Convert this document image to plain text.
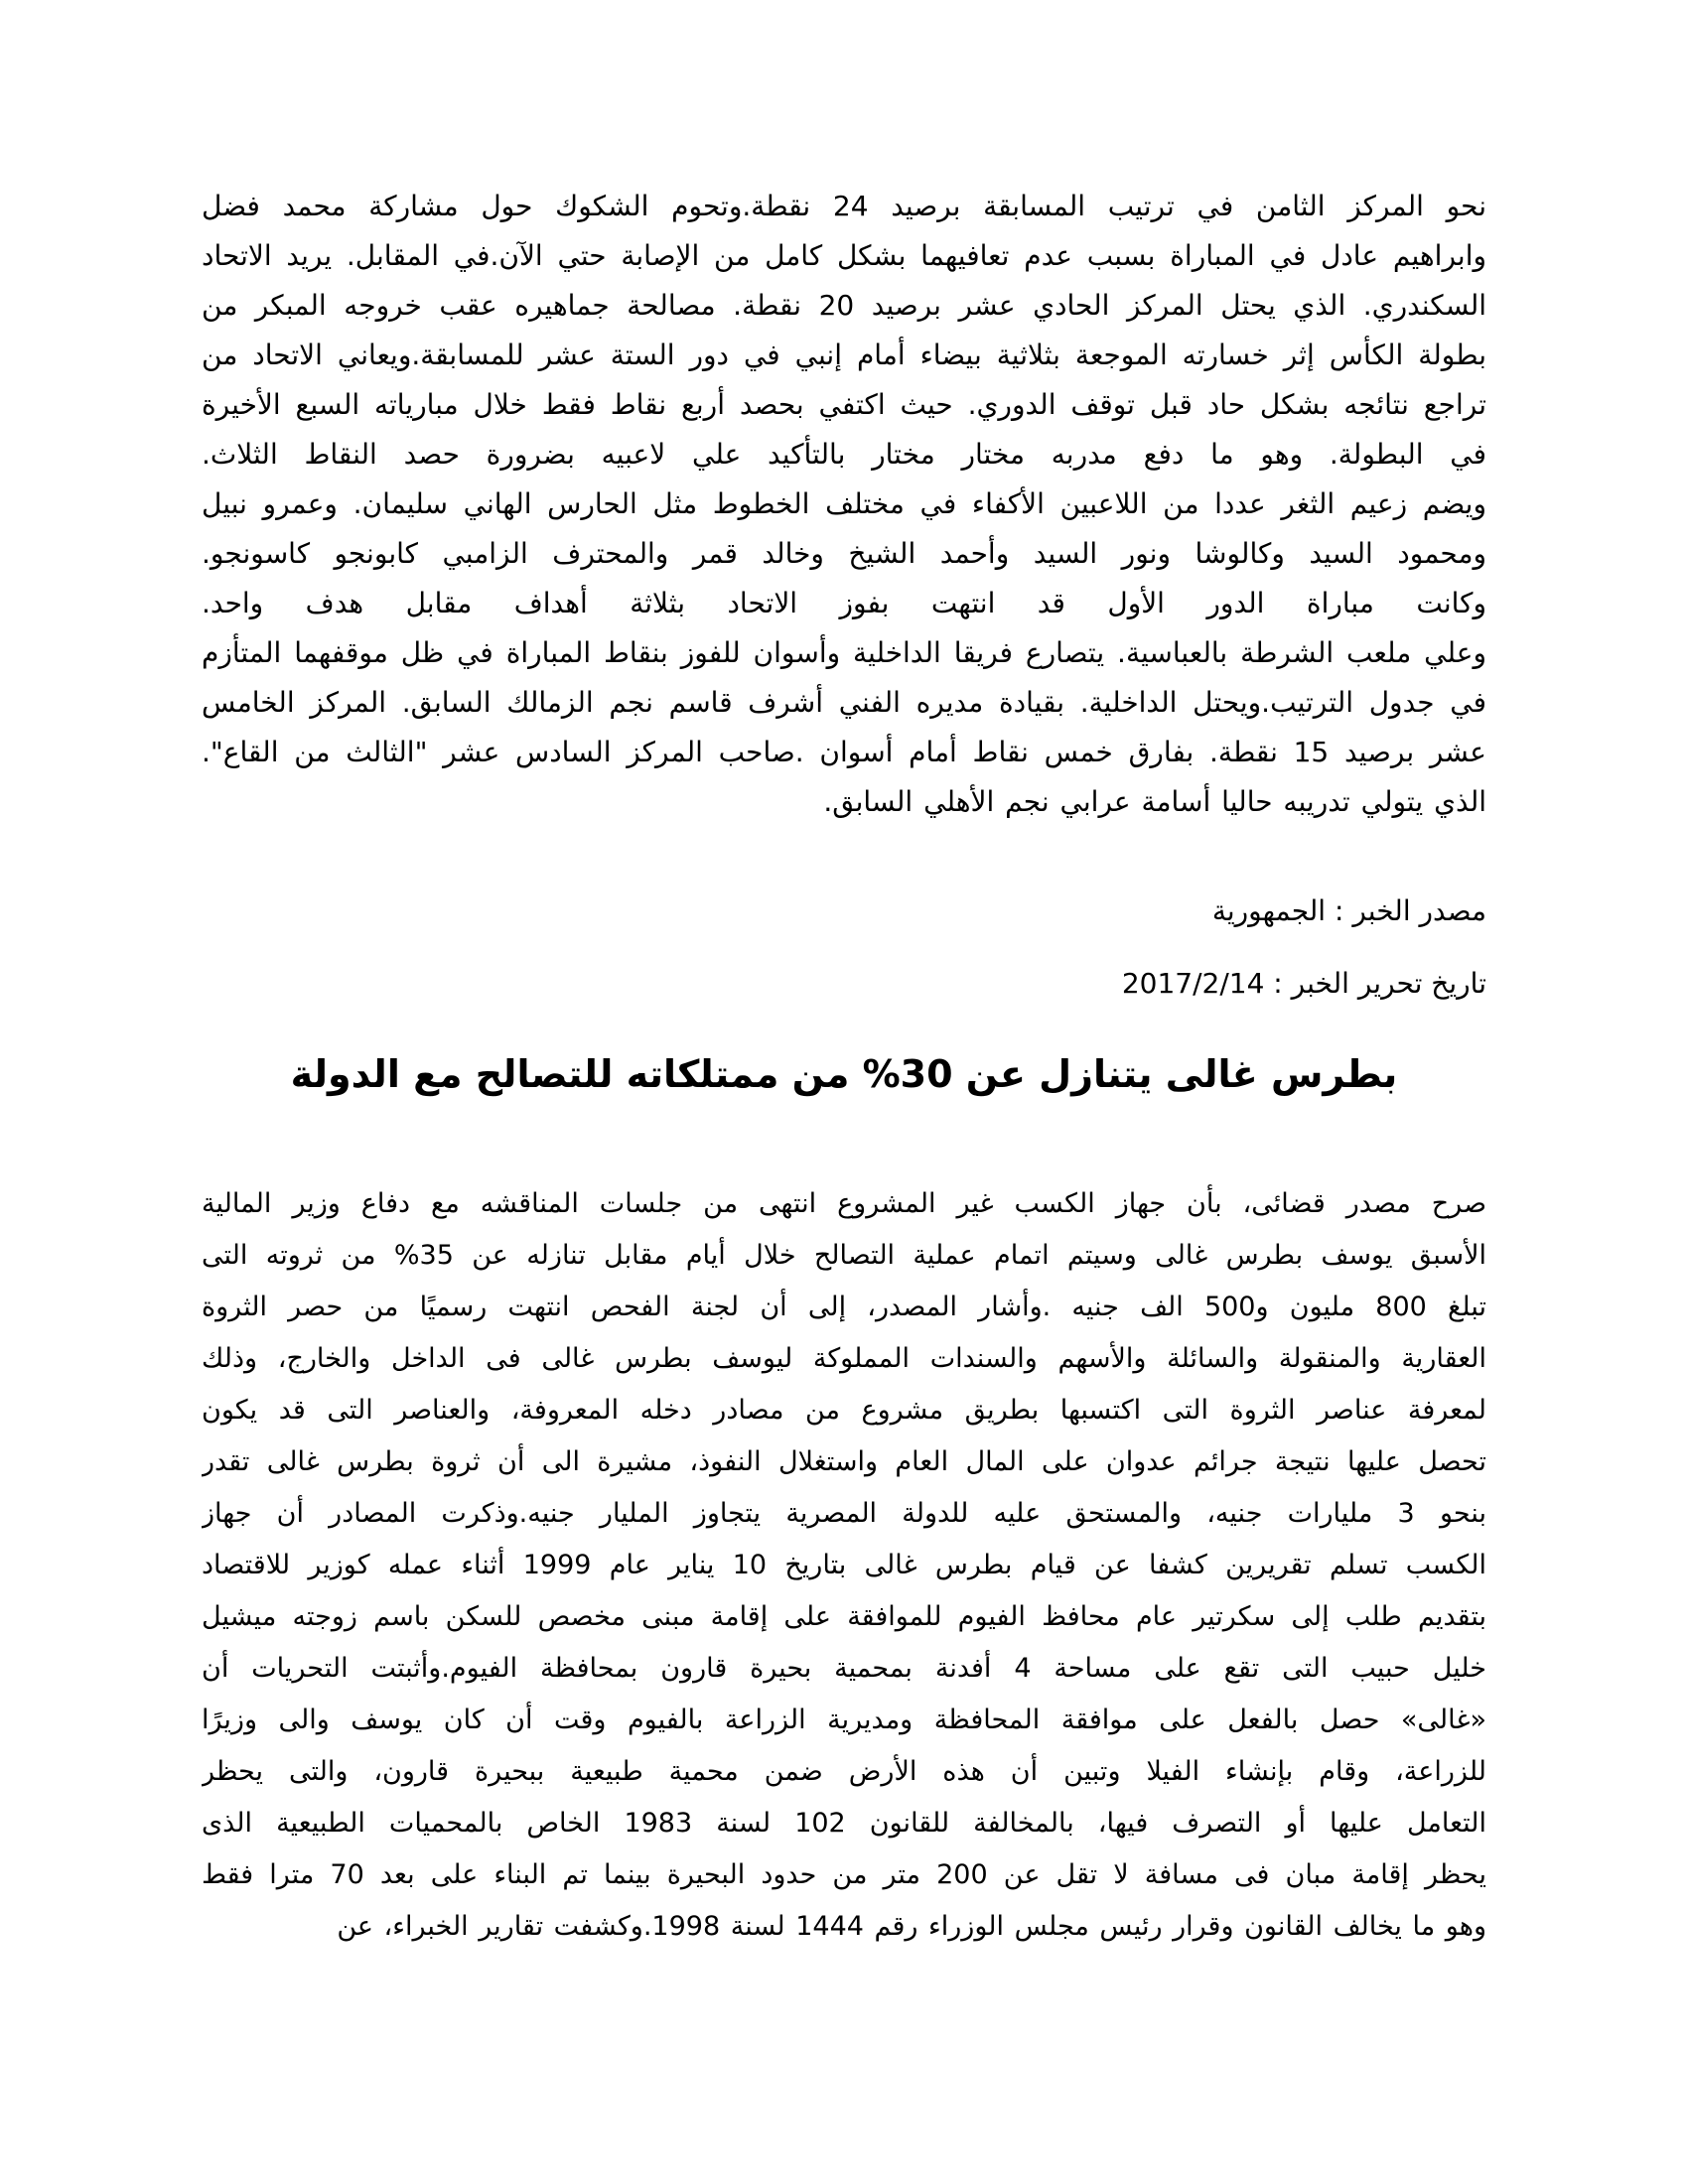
نحو المركز الثامن في ترتيب المسابقة برصيد 24 نقطة.وتحوم الشكوك حول مشاركة محمد فضل
وابراهيم عادل في المباراة بسبب عدم تعافيهما بشكل كامل من الإصابة حتي الآن.في المقابل. يريد الاتحاد
السكندري. الذي يحتل المركز الحادي عشر برصيد 20 نقطة. مصالحة جماهيره عقب خروجه المبكر من
بطولة الكأس إثر خسارته الموجعة بثلاثية بيضاء أمام إنبي في دور الستة عشر للمسابقة.ويعاني الاتحاد من
تراجع نتائجه بشكل حاد قبل توقف الدوري. حيث اكتفي بحصد أربع نقاط فقط خلال مبارياته السبع الأخيرة
في البطولة. وهو ما دفع مدربه مختار مختار بالتأكيد علي لاعبيه بضرورة حصد النقاط الثلاث.
ويضم زعيم الثغر عددا من اللاعبين الأكفاء في مختلف الخطوط مثل الحارس الهاني سليمان. وعمرو نبيل
ومحمود السيد وكالوشا ونور السيد وأحمد الشيخ وخالد قمر والمحترف الزامبي كابونجو كاسونجو.
وكانت مباراة الدور الأول قد انتهت بفوز الاتحاد بثلاثة أهداف مقابل هدف واحد.
وعلي ملعب الشرطة بالعباسية. يتصارع فريقا الداخلية وأسوان للفوز بنقاط المباراة في ظل موقفهما المتأزم
في جدول الترتيب.ويحتل الداخلية. بقيادة مديره الفني أشرف قاسم نجم الزمالك السابق. المركز الخامس
عشر برصيد 15 نقطة. بفارق خمس نقاط أمام أسوان .صاحب المركز السادس عشر "الثالث من القاع".
الذي يتولي تدريبه حاليا أسامة عرابي نجم الأهلي السابق.
مصدر الخبر : الجمهورية
تاريخ تحرير الخبر : 2017/2/14
بطرس غالى يتنازل عن 30% من ممتلكاته للتصالح مع الدولة
صرح مصدر قضائى، بأن جهاز الكسب غير المشروع انتهى من جلسات المناقشه مع دفاع وزير المالية
الأسبق يوسف بطرس غالى وسيتم اتمام عملية التصالح خلال أيام مقابل تنازله عن 35% من ثروته التى
تبلغ 800 مليون و500 الف جنيه .وأشار المصدر، إلى أن لجنة الفحص انتهت رسميًا من حصر الثروة
العقارية والمنقولة والسائلة والأسهم والسندات المملوكة ليوسف بطرس غالى فى الداخل والخارج، وذلك
لمعرفة عناصر الثروة التى اكتسبها بطريق مشروع من مصادر دخله المعروفة، والعناصر التى قد يكون
تحصل عليها نتيجة جرائم عدوان على المال العام واستغلال النفوذ، مشيرة الى أن ثروة بطرس غالى تقدر
بنحو 3 مليارات جنيه، والمستحق عليه للدولة المصرية يتجاوز المليار جنيه.وذكرت المصادر أن جهاز
الكسب تسلم تقريرين كشفا عن قيام بطرس غالى بتاريخ 10 يناير عام 1999 أثناء عمله كوزير للاقتصاد
بتقديم طلب إلى سكرتير عام محافظ الفيوم للموافقة على إقامة مبنى مخصص للسكن باسم زوجته ميشيل
خليل حبيب التى تقع على مساحة 4 أفدنة بمحمية بحيرة قارون بمحافظة الفيوم.وأثبتت التحريات أن
«غالى» حصل بالفعل على موافقة المحافظة ومديرية الزراعة بالفيوم وقت أن كان يوسف والى وزيرًا
للزراعة، وقام بإنشاء الفيلا وتبين أن هذه الأرض ضمن محمية طبيعية ببحيرة قارون، والتى يحظر
التعامل عليها أو التصرف فيها، بالمخالفة للقانون 102 لسنة 1983 الخاص بالمحميات الطبيعية الذى
يحظر إقامة مبان فى مسافة لا تقل عن 200 متر من حدود البحيرة بينما تم البناء على بعد 70 مترا فقط
وهو ما يخالف القانون وقرار رئيس مجلس الوزراء رقم 1444 لسنة 1998.وكشفت تقارير الخبراء، عن
